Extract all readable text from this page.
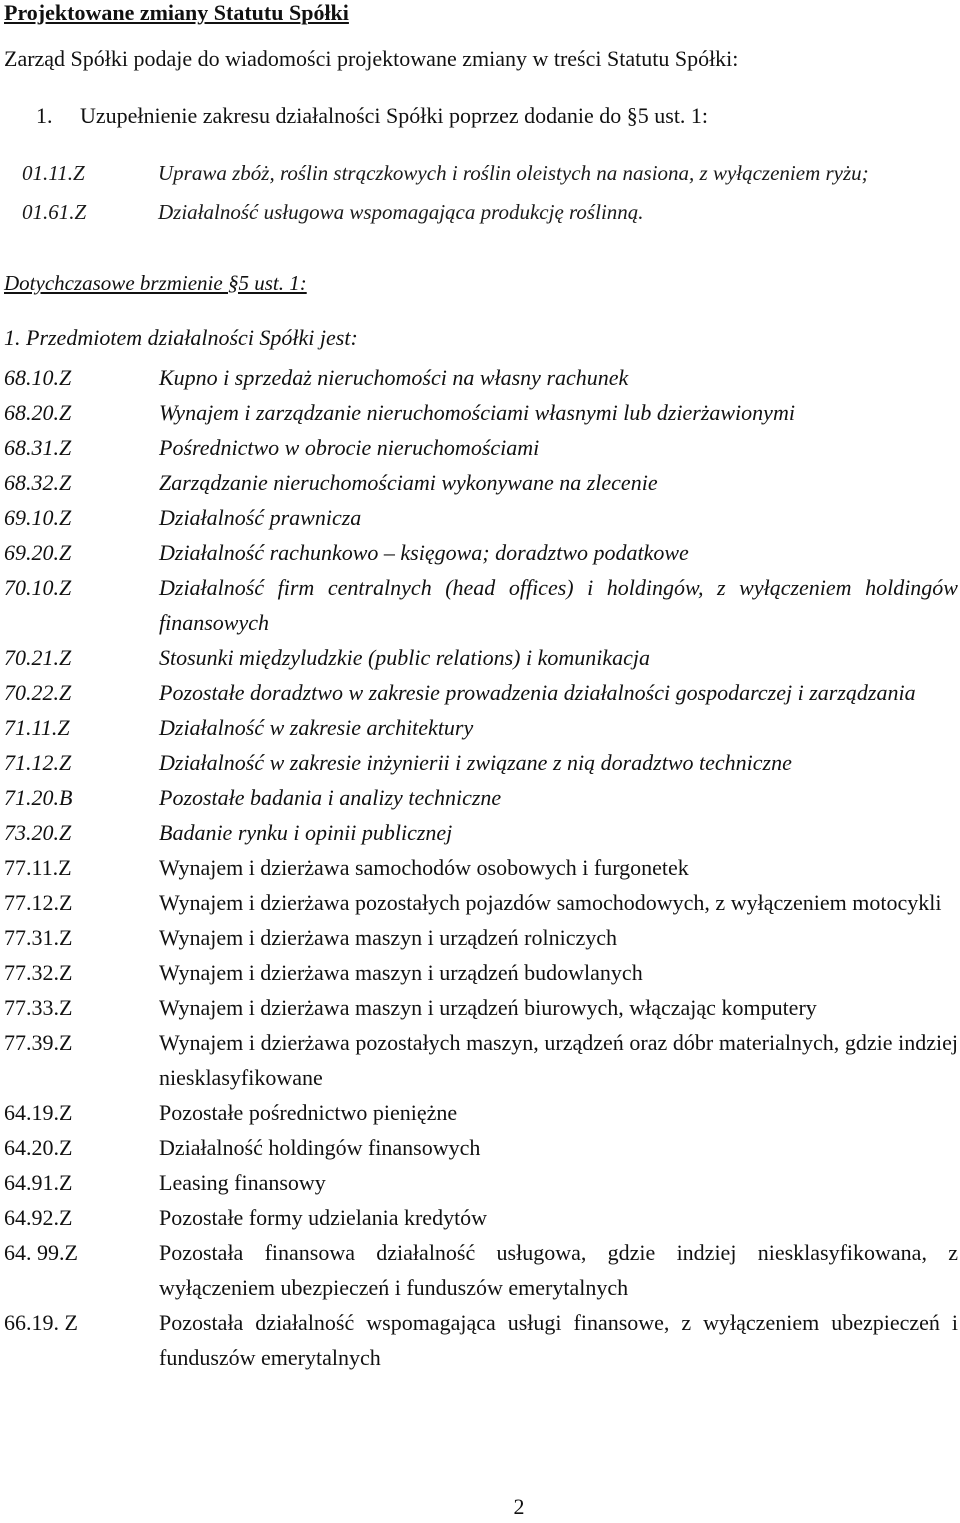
Projektowane zmiany Statutu Spółki
Zarząd Spółki podaje do wiadomości projektowane zmiany w treści Statutu Spółki:
1. Uzupełnienie zakresu działalności Spółki poprzez dodanie do §5 ust. 1:
01.11.Z	Uprawa zbóż, roślin strączkowych i roślin oleistych na nasiona, z wyłączeniem ryżu;
01.61.Z	Działalność usługowa wspomagająca produkcję roślinną.
Dotychczasowe brzmienie §5 ust. 1:
1. Przedmiotem działalności Spółki jest:
68.10.Z	Kupno i sprzedaż nieruchomości na własny rachunek
68.20.Z	Wynajem i zarządzanie nieruchomościami własnymi lub dzierżawionymi
68.31.Z	Pośrednictwo w obrocie nieruchomościami
68.32.Z	Zarządzanie nieruchomościami wykonywane na zlecenie
69.10.Z	Działalność prawnicza
69.20.Z	Działalność rachunkowo – księgowa; doradztwo podatkowe
70.10.Z	Działalność firm centralnych (head offices) i holdingów, z wyłączeniem holdingów finansowych
70.21.Z	Stosunki międzyludzkie (public relations) i komunikacja
70.22.Z	Pozostałe doradztwo w zakresie prowadzenia działalności gospodarczej i zarządzania
71.11.Z	Działalność w zakresie architektury
71.12.Z	Działalność w zakresie inżynierii i związane z nią doradztwo techniczne
71.20.B	Pozostałe badania i analizy techniczne
73.20.Z	Badanie rynku i opinii publicznej
77.11.Z	Wynajem i dzierżawa samochodów osobowych i furgonetek
77.12.Z	Wynajem i dzierżawa pozostałych pojazdów samochodowych, z wyłączeniem motocykli
77.31.Z	Wynajem i dzierżawa maszyn i urządzeń rolniczych
77.32.Z	Wynajem i dzierżawa maszyn i urządzeń budowlanych
77.33.Z	Wynajem i dzierżawa maszyn i urządzeń biurowych, włączając komputery
77.39.Z	Wynajem i dzierżawa pozostałych maszyn, urządzeń oraz dóbr materialnych, gdzie indziej niesklasyfikowane
64.19.Z	Pozostałe pośrednictwo pieniężne
64.20.Z	Działalność holdingów finansowych
64.91.Z	Leasing finansowy
64.92.Z	Pozostałe formy udzielania kredytów
64. 99.Z	Pozostała finansowa działalność usługowa, gdzie indziej niesklasyfikowana, z wyłączeniem ubezpieczeń i funduszów emerytalnych
66.19. Z	Pozostała działalność wspomagająca usługi finansowe, z wyłączeniem ubezpieczeń i funduszów emerytalnych
2
